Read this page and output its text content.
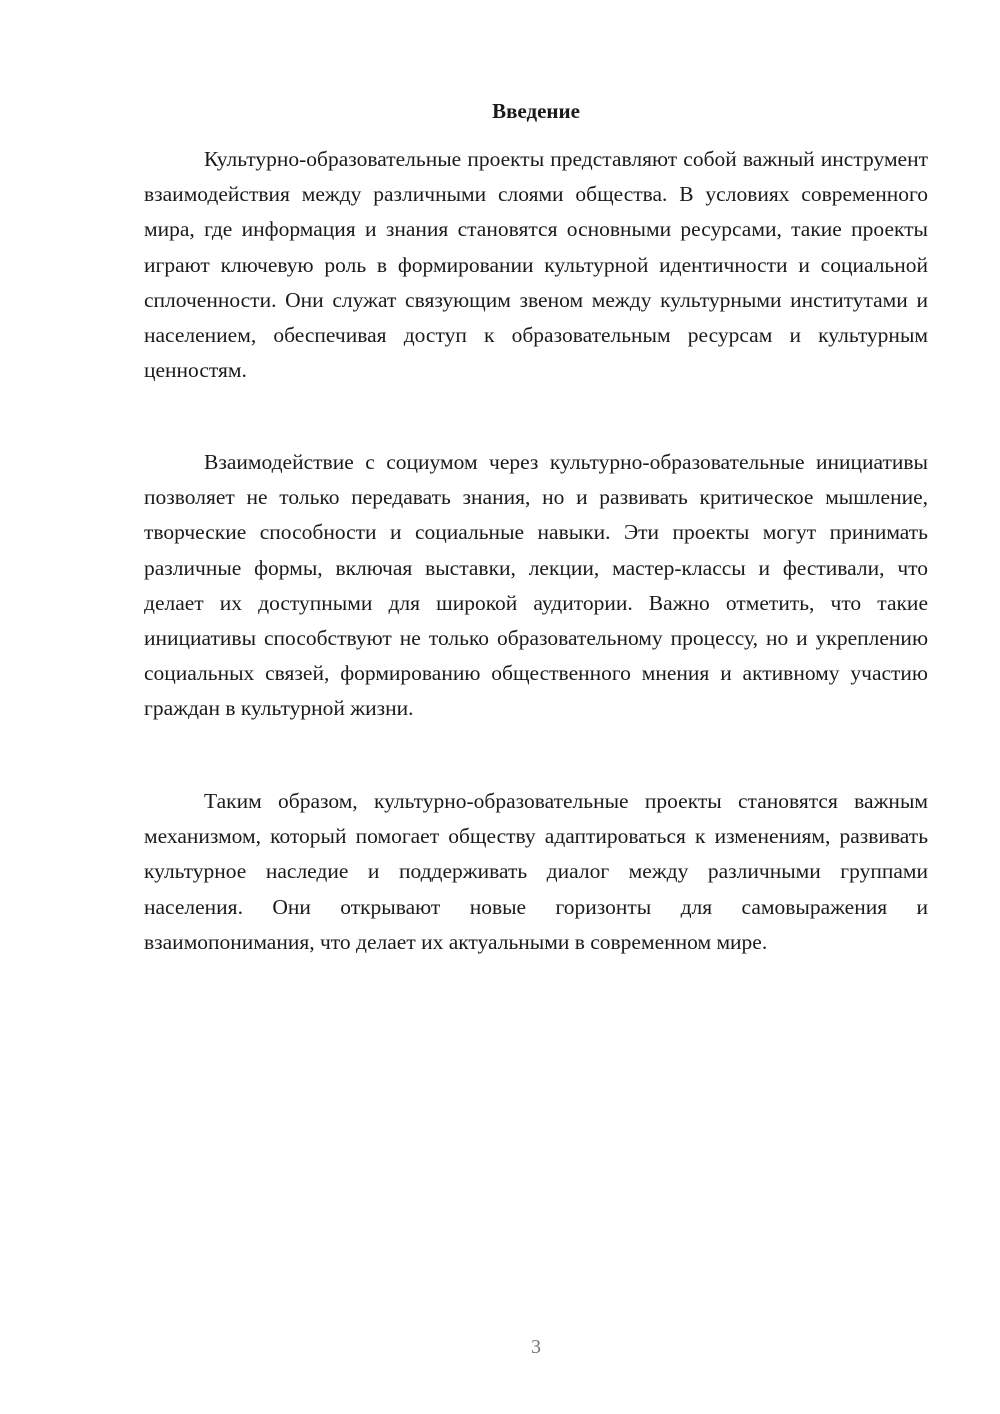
Введение

Культурно-образовательные проекты представляют собой важный инструмент взаимодействия между различными слоями общества. В условиях современного мира, где информация и знания становятся основными ресурсами, такие проекты играют ключевую роль в формировании культурной идентичности и социальной сплоченности. Они служат связующим звеном между культурными институтами и населением, обеспечивая доступ к образовательным ресурсам и культурным ценностям.

Взаимодействие с социумом через культурно-образовательные инициативы позволяет не только передавать знания, но и развивать критическое мышление, творческие способности и социальные навыки. Эти проекты могут принимать различные формы, включая выставки, лекции, мастер-классы и фестивали, что делает их доступными для широкой аудитории. Важно отметить, что такие инициативы способствуют не только образовательному процессу, но и укреплению социальных связей, формированию общественного мнения и активному участию граждан в культурной жизни.

Таким образом, культурно-образовательные проекты становятся важным механизмом, который помогает обществу адаптироваться к изменениям, развивать культурное наследие и поддерживать диалог между различными группами населения. Они открывают новые горизонты для самовыражения и взаимопонимания, что делает их актуальными в современном мире.

3
